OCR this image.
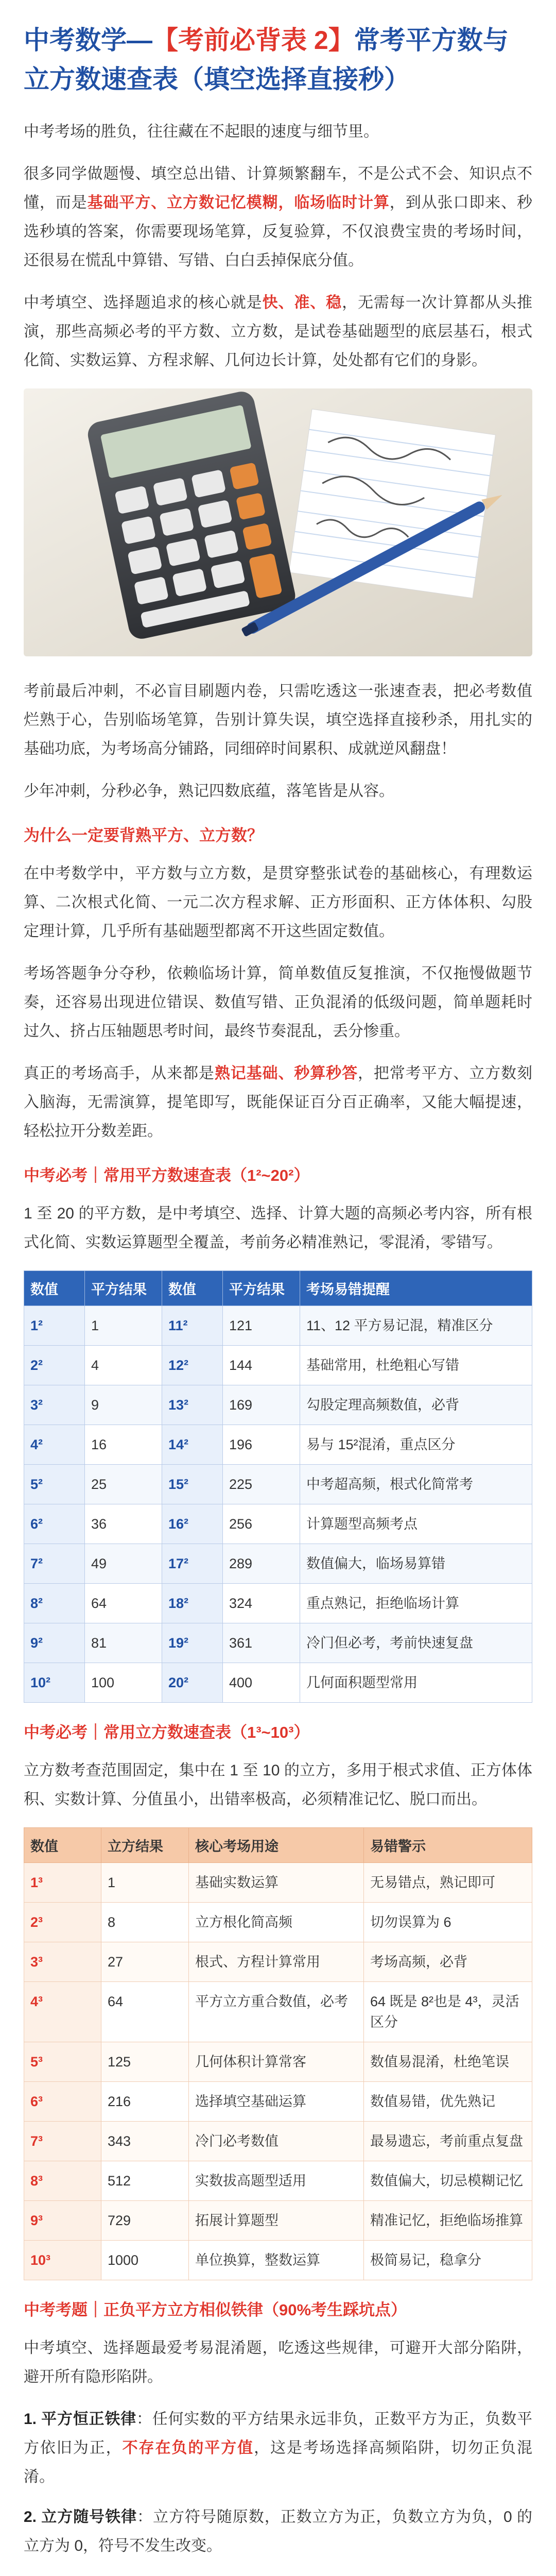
中考数学—【考前必背表 2】常考平方数与立方数速查表（填空选择直接秒）

中考考场的胜负，往往藏在不起眼的速度与细节里。

很多同学做题慢、填空总出错、计算频繁翻车，不是公式不会、知识点不懂，而是基础平方、立方数记忆模糊，临场临时计算，到从张口即来、秒选秒填的答案，你需要现场笔算，反复验算，不仅浪费宝贵的考场时间，还很易在慌乱中算错、写错、白白丢掉保底分值。

中考填空、选择题追求的核心就是快、准、稳，无需每一次计算都从头推演，那些高频必考的平方数、立方数，是试卷基础题型的底层基石，根式化简、实数运算、方程求解、几何边长计算，处处都有它们的身影。

考前最后冲刺，不必盲目刷题内卷，只需吃透这一张速查表，把必考数值烂熟于心，告别临场笔算，告别计算失误，填空选择直接秒杀，用扎实的基础功底，为考场高分铺路，同细碎时间累积、成就逆风翻盘！

少年冲刺，分秒必争，熟记四数底蕴，落笔皆是从容。

为什么一定要背熟平方、立方数？

在中考数学中，平方数与立方数，是贯穿整张试卷的基础核心，有理数运算、二次根式化简、一元二次方程求解、正方形面积、正方体体积、勾股定理计算，几乎所有基础题型都离不开这些固定数值。

考场答题争分夺秒，依赖临场计算，简单数值反复推演，不仅拖慢做题节奏，还容易出现进位错误、数值写错、正负混淆的低级问题，简单题耗时过久、挤占压轴题思考时间，最终节奏混乱，丢分惨重。

真正的考场高手，从来都是熟记基础、秒算秒答，把常考平方、立方数刻入脑海，无需演算，提笔即写，既能保证百分百正确率，又能大幅提速，轻松拉开分数差距。

中考必考｜常用平方数速查表（1²~20²）

1 至 20 的平方数，是中考填空、选择、计算大题的高频必考内容，所有根式化简、实数运算题型全覆盖，考前务必精准熟记，零混淆，零错写。

数值	平方结果	数值	平方结果	考场易错提醒
1²	1	11²	121	11、12 平方易记混，精准区分
2²	4	12²	144	基础常用，杜绝粗心写错
3²	9	13²	169	勾股定理高频数值，必背
4²	16	14²	196	易与 15²混淆，重点区分
5²	25	15²	225	中考超高频，根式化简常考
6²	36	16²	256	计算题型高频考点
7²	49	17²	289	数值偏大，临场易算错
8²	64	18²	324	重点熟记，拒绝临场计算
9²	81	19²	361	冷门但必考，考前快速复盘
10²	100	20²	400	几何面积题型常用
中考必考｜常用立方数速查表（1³~10³）

立方数考查范围固定，集中在 1 至 10 的立方，多用于根式求值、正方体体积、实数计算、分值虽小，出错率极高，必须精准记忆、脱口而出。

数值	立方结果	核心考场用途	易错警示
1³	1	基础实数运算	无易错点，熟记即可
2³	8	立方根化简高频	切勿误算为 6
3³	27	根式、方程计算常用	考场高频，必背
4³	64	平方立方重合数值，必考	64 既是 8²也是 4³，灵活区分
5³	125	几何体积计算常客	数值易混淆，杜绝笔误
6³	216	选择填空基础运算	数值易错，优先熟记
7³	343	冷门必考数值	最易遗忘，考前重点复盘
8³	512	实数拔高题型适用	数值偏大，切忌模糊记忆
9³	729	拓展计算题型	精准记忆，拒绝临场推算
10³	1000	单位换算，整数运算	极简易记，稳拿分
中考考题｜正负平方立方相似铁律（90%考生踩坑点）

中考填空、选择题最爱考易混淆题，吃透这些规律，可避开大部分陷阱，避开所有隐形陷阱。

1. 平方恒正铁律：任何实数的平方结果永远非负，正数平方为正，负数平方依旧为正，不存在负的平方值，这是考场选择高频陷阱，切勿正负混淆。

2. 立方随号铁律：立方符号随原数，正数立方为正，负数立方为负，0 的立方为 0，符号不发生改变。
